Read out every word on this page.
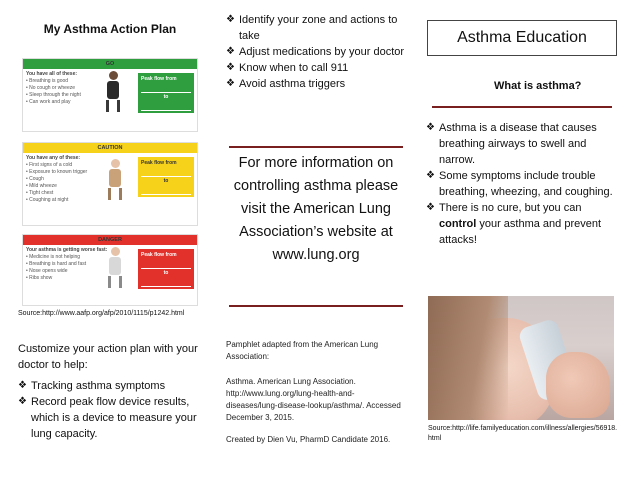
My Asthma Action Plan
GO
You have all of these:
• Breathing is good
• No cough or wheeze
• Sleep through the night
• Can work and play
Peak flow from
to
CAUTION
You have any of these:
• First signs of a cold
• Exposure to known trigger
• Cough
• Mild wheeze
• Tight chest
• Coughing at night
Peak flow from
to
DANGER
Your asthma is getting worse fast:
• Medicine is not helping
• Breathing is hard and fast
• Nose opens wide
• Ribs show
Peak flow from
to
Source:http://www.aafp.org/afp/2010/1115/p1242.html
Customize your action plan with your doctor to help:
❖ Tracking asthma symptoms
❖ Record peak flow device results, which is a device to measure your lung capacity.
❖ Identify your zone and actions to take
❖ Adjust medications by your doctor
❖ Know when to call 911
❖ Avoid asthma triggers
For more information on controlling asthma please visit the American Lung Association’s website at www.lung.org
Pamphlet adapted from the American Lung Association:
Asthma. American Lung Association. http://www.lung.org/lung-health-and-diseases/lung-disease-lookup/asthma/. Accessed December 3, 2015.
Created by Dien Vu, PharmD Candidate 2016.
Asthma Education
What is asthma?
❖ Asthma is a disease that causes breathing airways to swell and narrow.
❖ Some symptoms include trouble breathing, wheezing, and coughing.
❖ There is no cure, but you can control your asthma and prevent attacks!
Source:http://life.familyeducation.com/illness/allergies/56918.html
